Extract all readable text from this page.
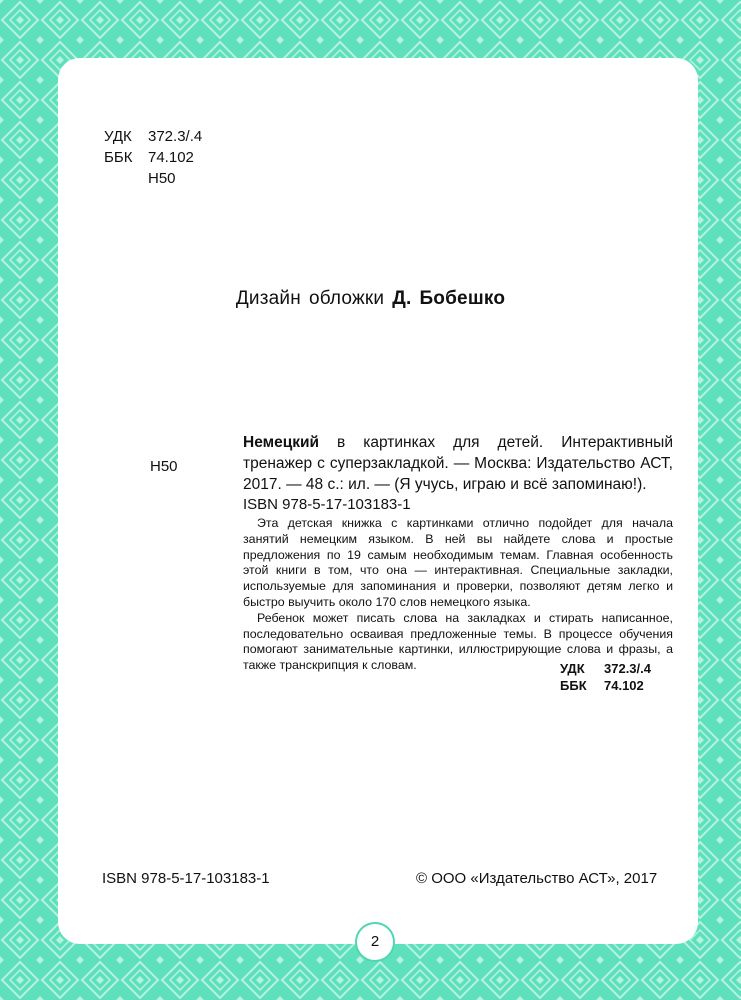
УДК 372.3/.4
ББК 74.102
Н50
Дизайн обложки Д. Бобешко
Н50
Немецкий в картинках для детей. Интерактивный тренажер с суперзакладкой. — Москва: Издательство АСТ, 2017. — 48 с.: ил. — (Я учусь, играю и всё запоминаю!).
ISBN 978-5-17-103183-1

Эта детская книжка с картинками отлично подойдет для начала занятий немецким языком. В ней вы найдете слова и простые предложения по 19 самым необходимым темам. Главная особенность этой книги в том, что она — интерактивная. Специальные закладки, используемые для запоминания и проверки, позволяют детям легко и быстро выучить около 170 слов немецкого языка.

Ребенок может писать слова на закладках и стирать написанное, последовательно осваивая предложенные темы. В процессе обучения помогают занимательные картинки, иллюстрирующие слова и фразы, а также транскрипция к словам.	УДК 372.3/.4
ББК 74.102
ISBN 978-5-17-103183-1	© ООО «Издательство АСТ», 2017
2
